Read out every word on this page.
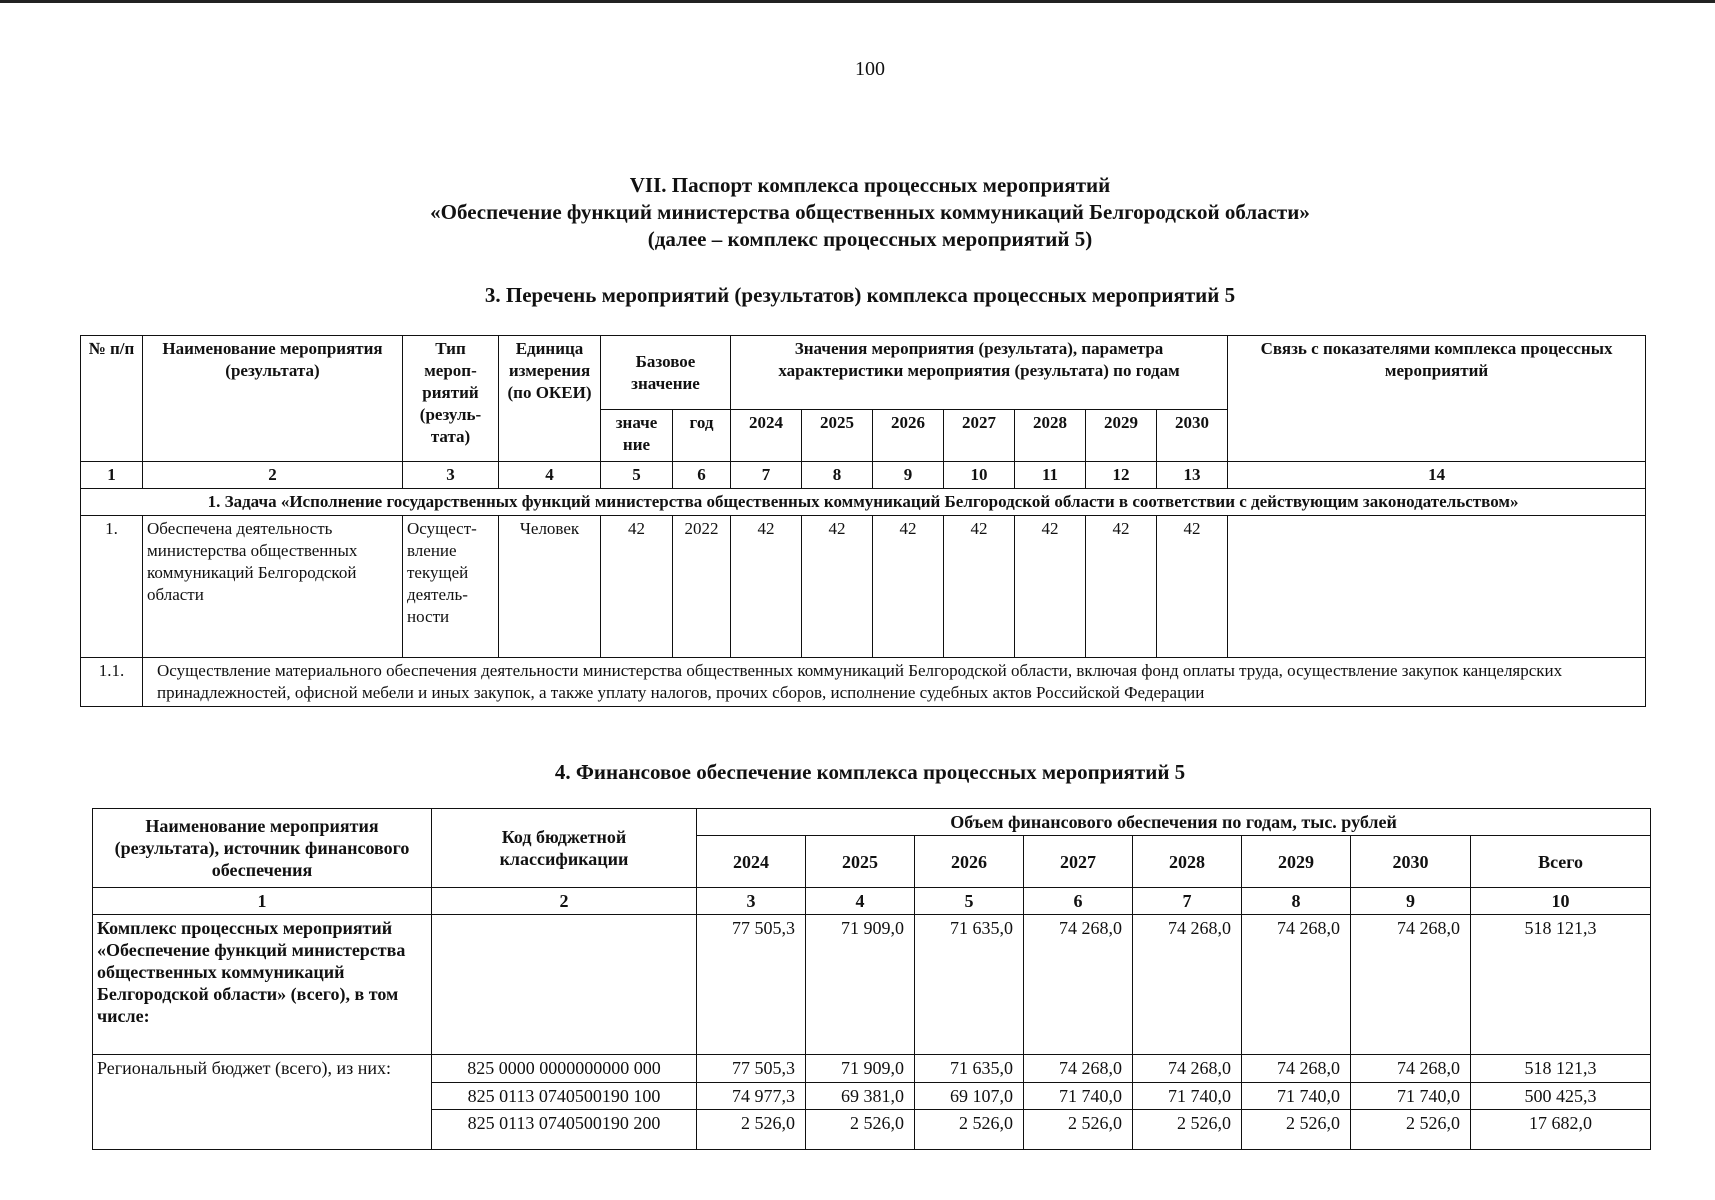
100
VII. Паспорт комплекса процессных мероприятий
«Обеспечение функций министерства общественных коммуникаций Белгородской области»
(далее – комплекс процессных мероприятий 5)
3. Перечень мероприятий (результатов) комплекса процессных мероприятий 5
№ п/п	Наименование мероприятия (результата)	Тип мероп-риятий (резуль-тата)	Единица измерения (по ОКЕИ)	Базовое значение		Значения мероприятия (результата), параметра характеристики мероприятия (результата) по годам							Связь с показателями комплекса процессных мероприятий
				значе ние	год	2024	2025	2026	2027	2028	2029	2030	
1	2	3	4	5	6	7	8	9	10	11	12	13	14
1. Задача «Исполнение государственных функций министерства общественных коммуникаций Белгородской области в соответствии с действующим законодательством»													
1.	Обеспечена деятельность министерства общественных коммуникаций Белгородской области	Осущест-вление текущей деятель-ности	Человек	42	2022	42	42	42	42	42	42	42	
1.1.	Осуществление материального обеспечения деятельности министерства общественных коммуникаций Белгородской области, включая фонд оплаты труда, осуществление закупок канцелярских принадлежностей, офисной мебели и иных закупок, а также уплату налогов, прочих сборов, исполнение судебных актов Российской Федерации												
4. Финансовое обеспечение комплекса процессных мероприятий 5
Наименование мероприятия (результата), источник финансового обеспечения	Код бюджетной классификации	Объем финансового обеспечения по годам, тыс. рублей							
		2024	2025	2026	2027	2028	2029	2030	Всего
1	2	3	4	5	6	7	8	9	10
Комплекс процессных мероприятий «Обеспечение функций министерства общественных коммуникаций Белгородской области» (всего), в том числе:		77 505,3	71 909,0	71 635,0	74 268,0	74 268,0	74 268,0	74 268,0	518 121,3
Региональный бюджет (всего), из них:	825 0000 0000000000 000	77 505,3	71 909,0	71 635,0	74 268,0	74 268,0	74 268,0	74 268,0	518 121,3
	825 0113 0740500190 100	74 977,3	69 381,0	69 107,0	71 740,0	71 740,0	71 740,0	71 740,0	500 425,3
	825 0113 0740500190 200	2 526,0	2 526,0	2 526,0	2 526,0	2 526,0	2 526,0	2 526,0	17 682,0
